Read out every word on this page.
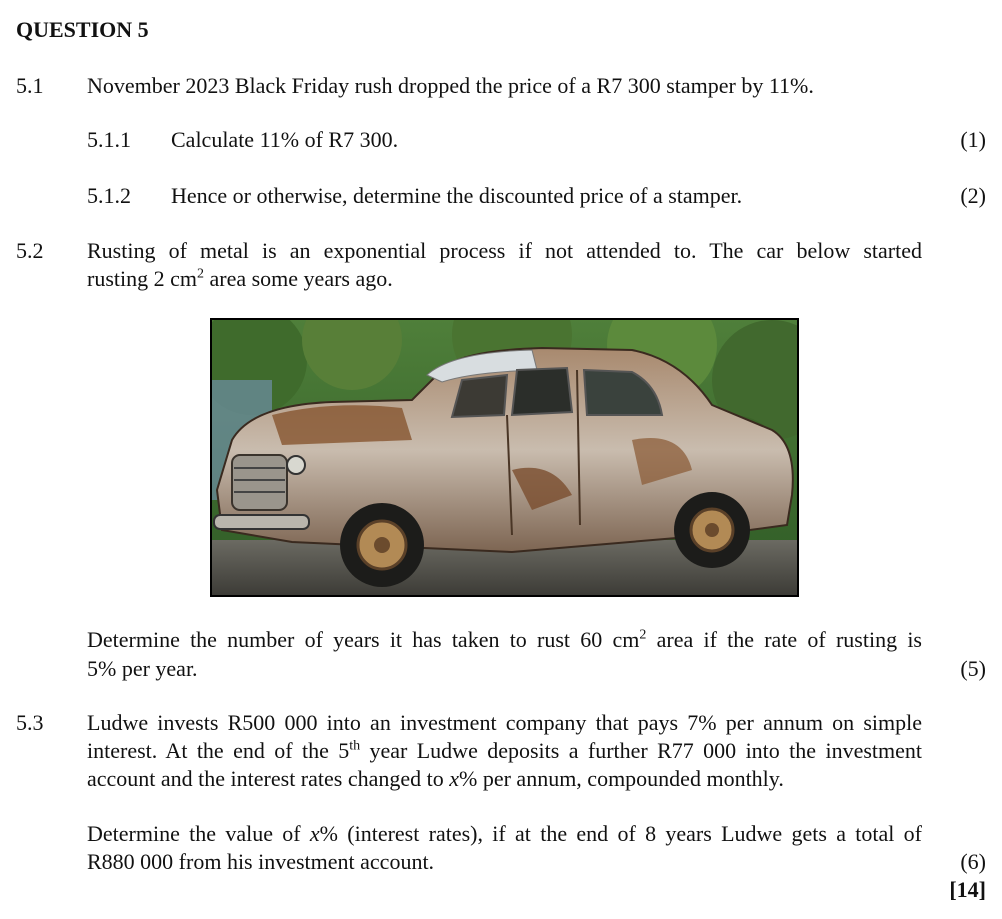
QUESTION 5
5.1 November 2023 Black Friday rush dropped the price of a R7 300 stamper by 11%.
5.1.1 Calculate 11% of R7 300.	(1)
5.1.2 Hence or otherwise, determine the discounted price of a stamper.	(2)
5.2 Rusting of metal is an exponential process if not attended to. The car below started
rusting 2 $cm^2$ area some years ago.
Determine the number of years it has taken to rust 60 $cm^2$ area if the rate of rusting is
5% per year.	(5)
5.3 Ludwe invests R500 000 into an investment company that pays 7% per annum on simple
interest. At the end of the 5th year Ludwe deposits a further R77 000 into the investment
account and the interest rates changed to x% per annum, compounded monthly.
Determine the value of x% (interest rates), if at the end of 8 years Ludwe gets a total of
R880 000 from his investment account.	(6)
[14]
